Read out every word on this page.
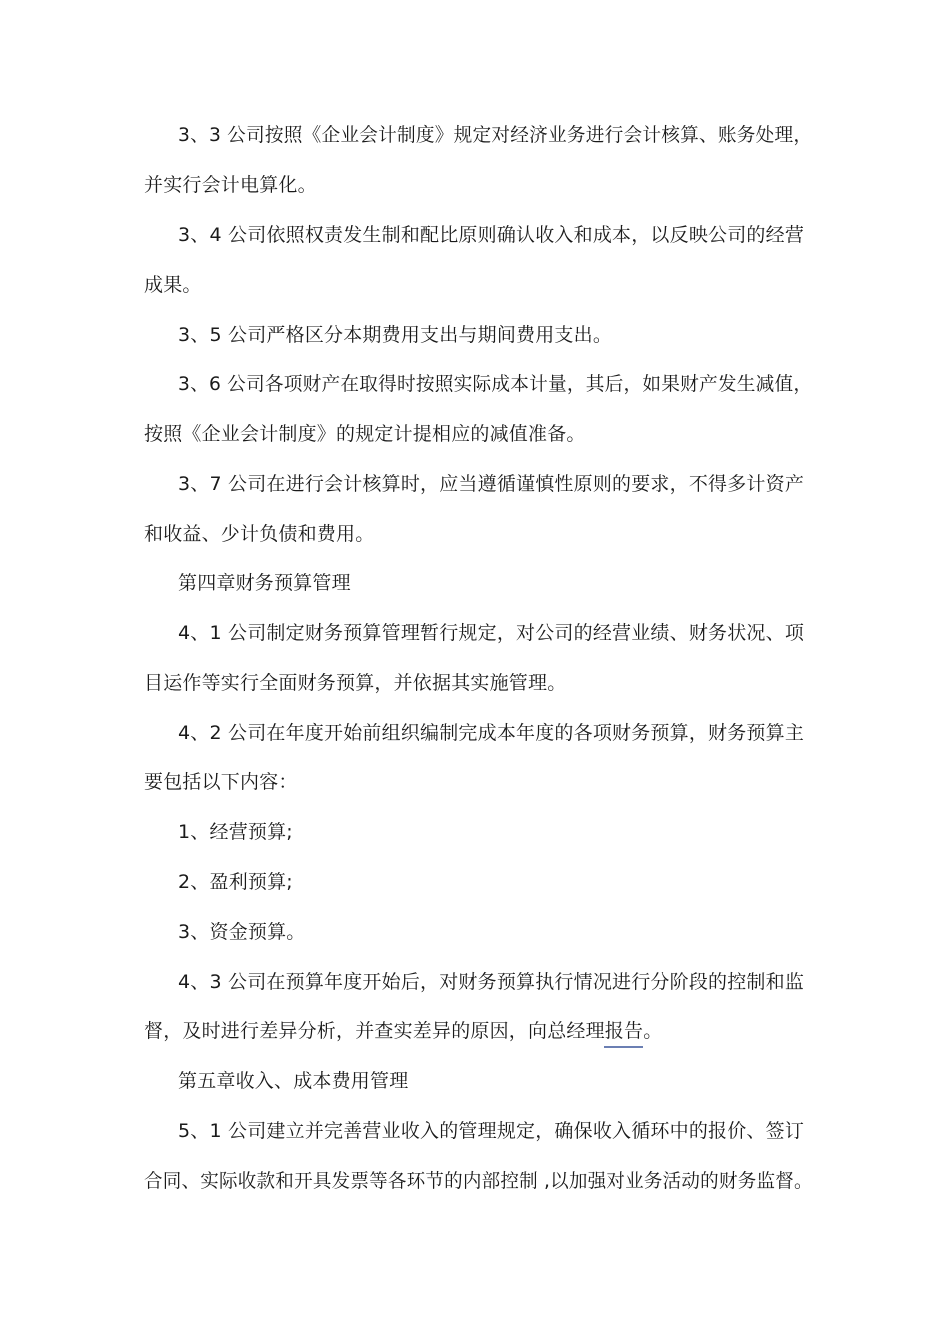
3、3 公司按照《企业会计制度》规定对经济业务进行会计核算、账务处理，
并实行会计电算化。
3、4 公司依照权责发生制和配比原则确认收入和成本，以反映公司的经营
成果。
3、5 公司严格区分本期费用支出与期间费用支出。
3、6 公司各项财产在取得时按照实际成本计量，其后，如果财产发生减值，
按照《企业会计制度》的规定计提相应的减值准备。
3、7 公司在进行会计核算时，应当遵循谨慎性原则的要求，不得多计资产
和收益、少计负债和费用。
第四章财务预算管理
4、1 公司制定财务预算管理暂行规定，对公司的经营业绩、财务状况、项
目运作等实行全面财务预算，并依据其实施管理。
4、2 公司在年度开始前组织编制完成本年度的各项财务预算，财务预算主
要包括以下内容：
1、经营预算;
2、盈利预算;
3、资金预算。
4、3 公司在预算年度开始后，对财务预算执行情况进行分阶段的控制和监
督，及时进行差异分析，并查实差异的原因，向总经理报告。
第五章收入、成本费用管理
5、1 公司建立并完善营业收入的管理规定，确保收入循环中的报价、签订
合同、实际收款和开具发票等各环节的内部控制 ,以加强对业务活动的财务监督。
